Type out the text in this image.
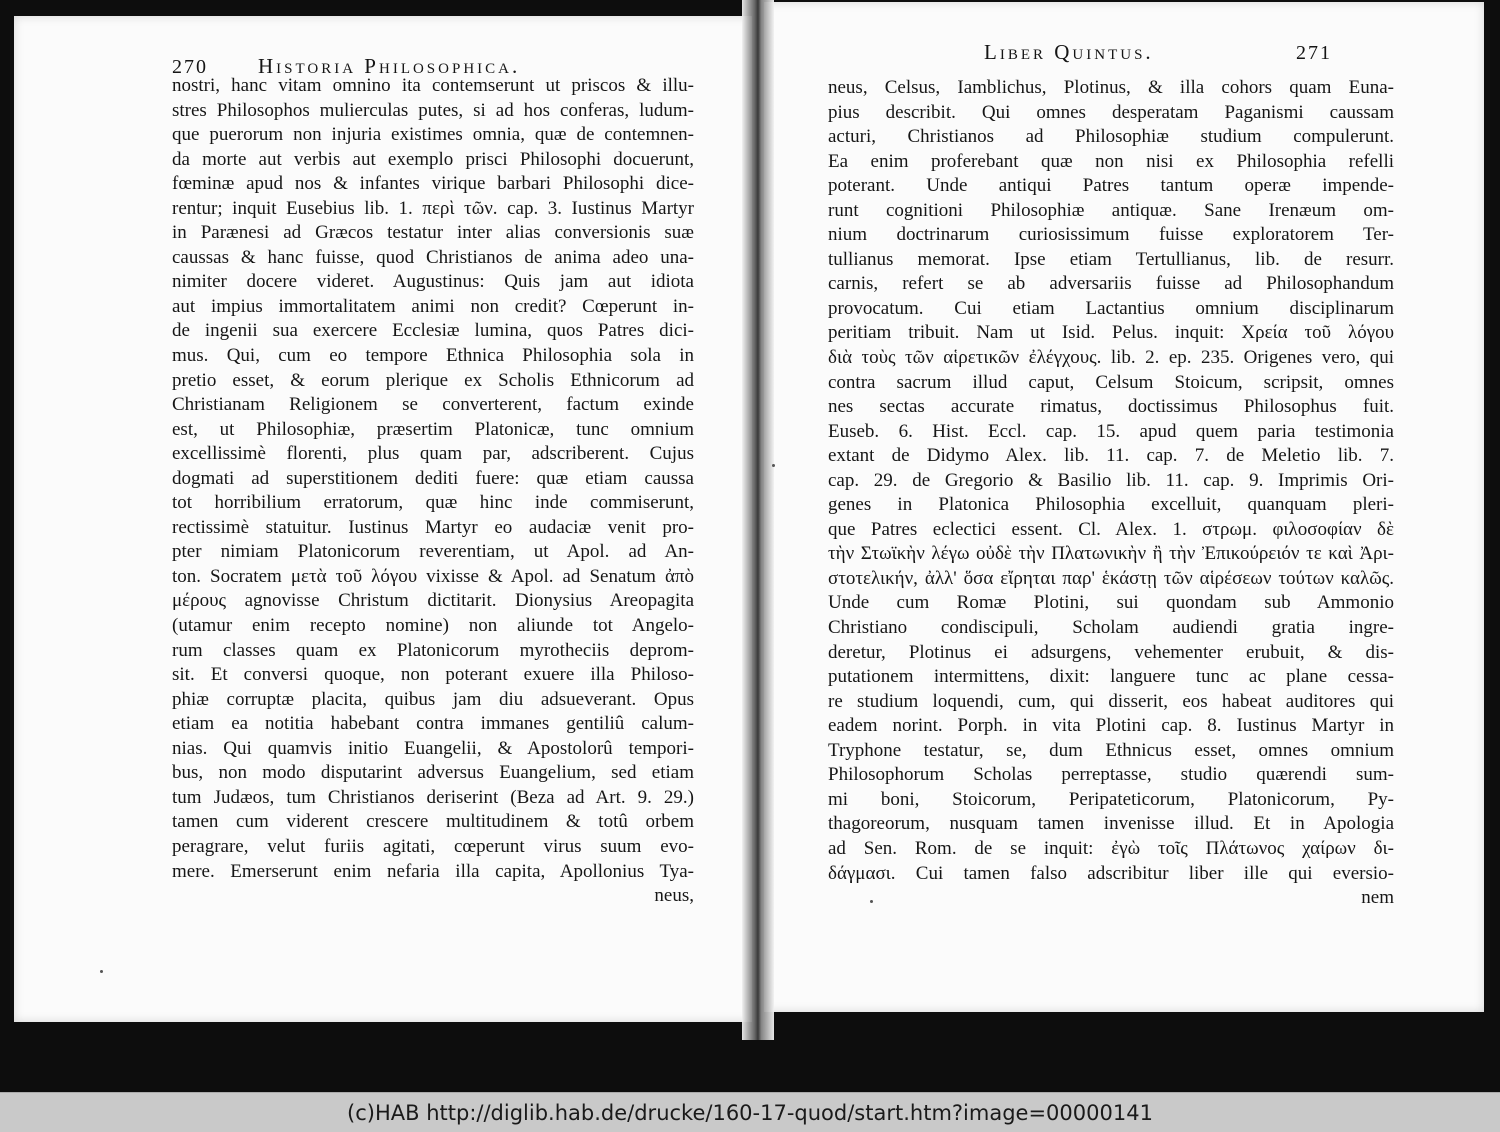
270 Historia Philosophica.
nostri, hanc vitam omnino ita contemserunt ut priscos & illu-
stres Philosophos mulierculas putes, si ad hos conferas, ludum-
que puerorum non injuria existimes omnia, quæ de contemnen-
da morte aut verbis aut exemplo prisci Philosophi docuerunt,
fœminæ apud nos & infantes virique barbari Philosophi dice-
rentur; inquit Eusebius lib. 1. περὶ τῶν. cap. 3. Iustinus Martyr
in Parænesi ad Græcos testatur inter alias conversionis suæ
caussas & hanc fuisse, quod Christianos de anima adeo una-
nimiter docere videret. Augustinus: Quis jam aut idiota
aut impius immortalitatem animi non credit? Cœperunt in-
de ingenii sua exercere Ecclesiæ lumina, quos Patres dici-
mus. Qui, cum eo tempore Ethnica Philosophia sola in
pretio esset, & eorum plerique ex Scholis Ethnicorum ad
Christianam Religionem se converterent, factum exinde
est, ut Philosophiæ, præsertim Platonicæ, tunc omnium
excellissimè florenti, plus quam par, adscriberent. Cujus
dogmati ad superstitionem dediti fuere: quæ etiam caussa
tot horribilium erratorum, quæ hinc inde commiserunt,
rectissimè statuitur. Iustinus Martyr eo audaciæ venit pro-
pter nimiam Platonicorum reverentiam, ut Apol. ad An-
ton. Socratem μετὰ τοῦ λόγου vixisse & Apol. ad Senatum ἀπὸ
μέρους agnovisse Christum dictitarit. Dionysius Areopagita
(utamur enim recepto nomine) non aliunde tot Angelo-
rum classes quam ex Platonicorum myrotheciis deprom-
sit. Et conversi quoque, non poterant exuere illa Philoso-
phiæ corruptæ placita, quibus jam diu adsueverant. Opus
etiam ea notitia habebant contra immanes gentiliû calum-
nias. Qui quamvis initio Euangelii, & Apostolorû tempori-
bus, non modo disputarint adversus Euangelium, sed etiam
tum Judæos, tum Christianos deriserint (Beza ad Art. 9. 29.)
tamen cum viderent crescere multitudinem & totû orbem
peragrare, velut furiis agitati, cœperunt virus suum evo-
mere. Emerserunt enim nefaria illa capita, Apollonius Tya-
neus,
Liber Quintus.	271
neus, Celsus, Iamblichus, Plotinus, & illa cohors quam Euna-
pius describit. Qui omnes desperatam Paganismi caussam
acturi, Christianos ad Philosophiæ studium compulerunt.
Ea enim proferebant quæ non nisi ex Philosophia refelli
poterant. Unde antiqui Patres tantum operæ impende-
runt cognitioni Philosophiæ antiquæ. Sane Irenæum om-
nium doctrinarum curiosissimum fuisse exploratorem Ter-
tullianus memorat. Ipse etiam Tertullianus, lib. de resurr.
carnis, refert se ab adversariis fuisse ad Philosophandum
provocatum. Cui etiam Lactantius omnium disciplinarum
peritiam tribuit. Nam ut Isid. Pelus. inquit: Χρεία τοῦ λόγου
διὰ τοὺς τῶν αἱρετικῶν ἐλέγχους. lib. 2. ep. 235. Origenes vero, qui
contra sacrum illud caput, Celsum Stoicum, scripsit, omnes
nes sectas accurate rimatus, doctissimus Philosophus fuit.
Euseb. 6. Hist. Eccl. cap. 15. apud quem paria testimonia
extant de Didymo Alex. lib. 11. cap. 7. de Meletio lib. 7.
cap. 29. de Gregorio & Basilio lib. 11. cap. 9. Imprimis Ori-
genes in Platonica Philosophia excelluit, quanquam pleri-
que Patres eclectici essent. Cl. Alex. 1. στρωμ. φιλοσοφίαν δὲ
τὴν Στωϊκὴν λέγω οὐδὲ τὴν Πλατωνικὴν ἢ τὴν Ἐπικούρειόν τε καὶ Ἀρι-
στοτελικήν, ἀλλ' ὅσα εἴρηται παρ' ἑκάστῃ τῶν αἱρέσεων τούτων καλῶς.
Unde cum Romæ Plotini, sui quondam sub Ammonio
Christiano condiscipuli, Scholam audiendi gratia ingre-
deretur, Plotinus ei adsurgens, vehementer erubuit, & dis-
putationem intermittens, dixit: languere tunc ac plane cessa-
re studium loquendi, cum, qui disserit, eos habeat auditores qui
eadem norint. Porph. in vita Plotini cap. 8. Iustinus Martyr in
Tryphone testatur, se, dum Ethnicus esset, omnes omnium
Philosophorum Scholas perreptasse, studio quærendi sum-
mi boni, Stoicorum, Peripateticorum, Platonicorum, Py-
thagoreorum, nusquam tamen invenisse illud. Et in Apologia
ad Sen. Rom. de se inquit: ἐγὼ τοῖς Πλάτωνος χαίρων δι-
δάγμασι. Cui tamen falso adscribitur liber ille qui eversio-
nem
(c)HAB http://diglib.hab.de/drucke/160-17-quod/start.htm?image=00000141
